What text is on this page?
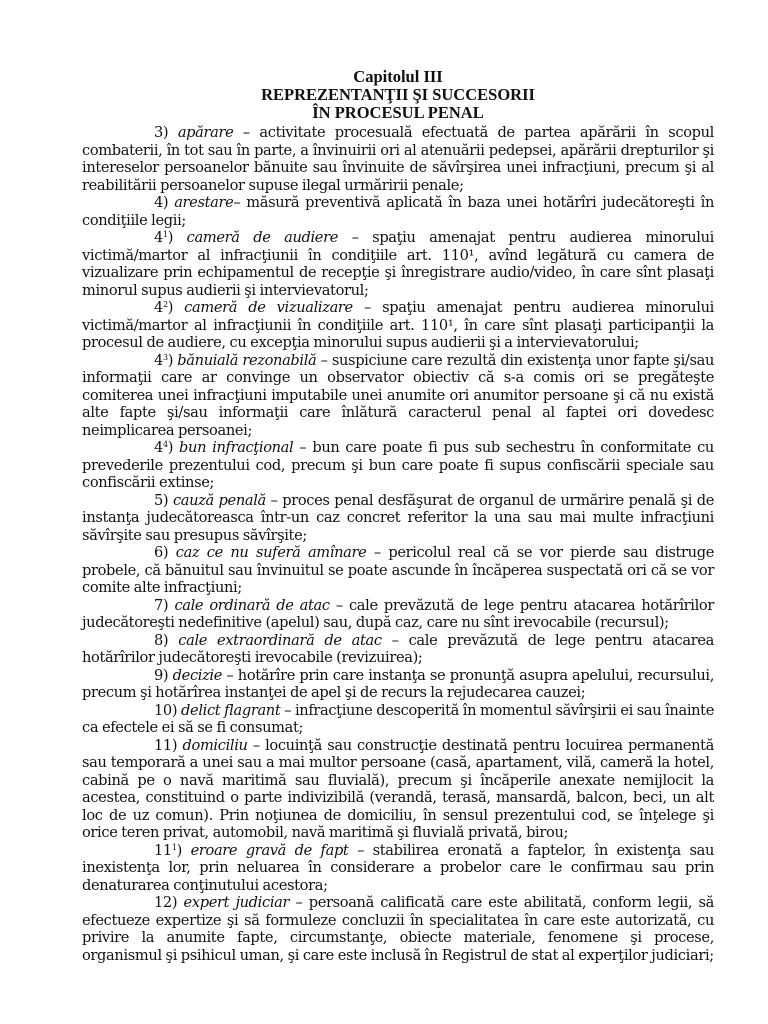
Capitolul III
REPREZENTANŢII ŞI SUCCESORII
ÎN PROCESUL PENAL

3) apărare – activitate procesuală efectuată de partea apărării în scopul combaterii, în tot sau în parte, a învinuirii ori al atenuării pedepsei, apărării drepturilor şi intereselor persoanelor bănuite sau învinuite de săvîrşirea unei infracţiuni, precum şi al reabilitării persoanelor supuse ilegal urmăririi penale;

4) arestare– măsură preventivă aplicată în baza unei hotărîri judecătoreşti în condiţiile legii;

$4^1$) cameră de audiere – spaţiu amenajat pentru audierea minorului victimă/martor al infracţiunii în condiţiile art. 110¹, avînd legătură cu camera de vizualizare prin echipamentul de recepţie şi înregistrare audio/video, în care sînt plasaţi minorul supus audierii şi intervievatorul;

$4^2$) cameră de vizualizare – spaţiu amenajat pentru audierea minorului victimă/martor al infracţiunii în condiţiile art. 110¹, în care sînt plasaţi participanţii la procesul de audiere, cu excepţia minorului supus audierii şi a intervievatorului;

$4^3$) bănuială rezonabilă – suspiciune care rezultă din existenţa unor fapte şi/sau informaţii care ar convinge un observator obiectiv că s-a comis ori se pregăteşte comiterea unei infracţiuni imputabile unei anumite ori anumitor persoane şi că nu există alte fapte şi/sau informaţii care înlătură caracterul penal al faptei ori dovedesc neimplicarea persoanei;

$4^4$) bun infracţional – bun care poate fi pus sub sechestru în conformitate cu prevederile prezentului cod, precum şi bun care poate fi supus confiscării speciale sau confiscării extinse;

5) cauză penală – proces penal desfăşurat de organul de urmărire penală şi de instanţa judecătoreasca într-un caz concret referitor la una sau mai multe infracţiuni săvîrşite sau presupus săvîrşite;

6) caz ce nu suferă amînare – pericolul real că se vor pierde sau distruge probele, că bănuitul sau învinuitul se poate ascunde în încăperea suspectată ori că se vor comite alte infracţiuni;

7) cale ordinară de atac – cale prevăzută de lege pentru atacarea hotărîrilor judecătoreşti nedefinitive (apelul) sau, după caz, care nu sînt irevocabile (recursul);

8) cale extraordinară de atac – cale prevăzută de lege pentru atacarea hotărîrilor judecătoreşti irevocabile (revizuirea);

9) decizie – hotărîre prin care instanţa se pronunţă asupra apelului, recursului, precum şi hotărîrea instanţei de apel şi de recurs la rejudecarea cauzei;

10) delict flagrant – infracţiune descoperită în momentul săvîrşirii ei sau înainte ca efectele ei să se fi consumat;

11) domiciliu – locuinţă sau construcţie destinată pentru locuirea permanentă sau temporară a unei sau a mai multor persoane (casă, apartament, vilă, cameră la hotel, cabină pe o navă maritimă sau fluvială), precum şi încăperile anexate nemijlocit la acestea, constituind o parte indivizibilă (verandă, terasă, mansardă, balcon, beci, un alt loc de uz comun). Prin noţiunea de domiciliu, în sensul prezentului cod, se înţelege şi orice teren privat, automobil, navă maritimă şi fluvială privată, birou;

$11^1$) eroare gravă de fapt – stabilirea eronată a faptelor, în existenţa sau inexistenţa lor, prin neluarea în considerare a probelor care le confirmau sau prin denaturarea conţinutului acestora;

12) expert judiciar – persoană calificată care este abilitată, conform legii, să efectueze expertize şi să formuleze concluzii în specialitatea în care este autorizată, cu privire la anumite fapte, circumstanţe, obiecte materiale, fenomene şi procese, organismul şi psihicul uman, şi care este inclusă în Registrul de stat al experţilor judiciari;
